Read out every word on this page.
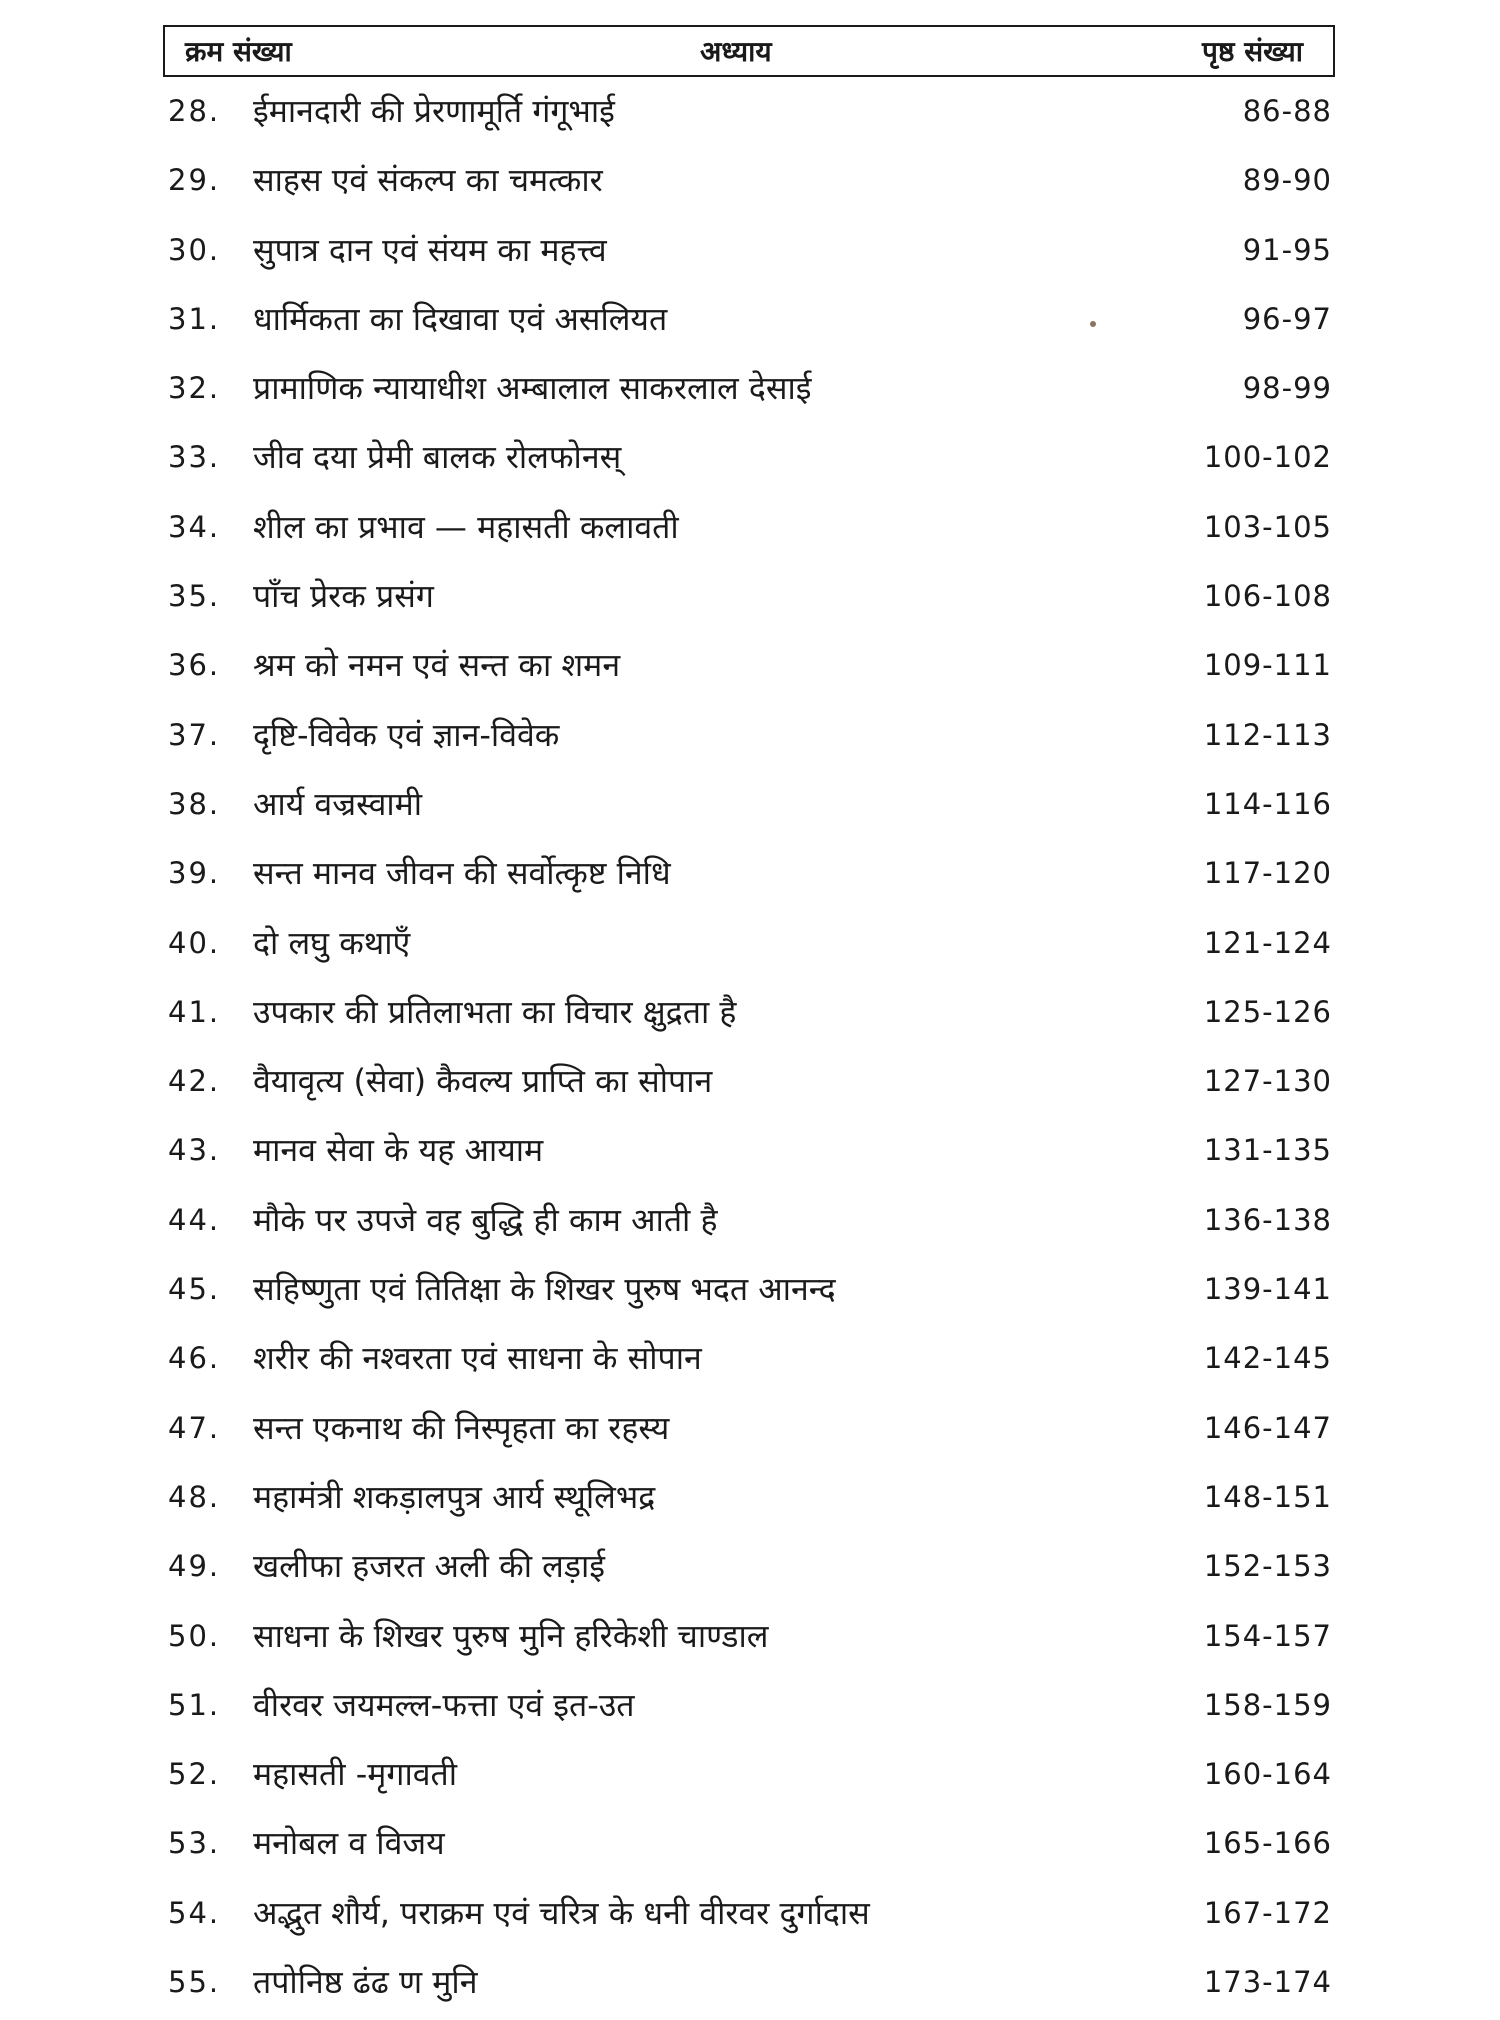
क्रम संख्या	अध्याय	पृष्ठ संख्या
28. ईमानदारी की प्रेरणामूर्ति गंगूभाई	86-88
29. साहस एवं संकल्प का चमत्कार	89-90
30. सुपात्र दान एवं संयम का महत्त्व	91-95
31. धार्मिकता का दिखावा एवं असलियत	96-97
32. प्रामाणिक न्यायाधीश अम्बालाल साकरलाल देसाई	98-99
33. जीव दया प्रेमी बालक रोलफोनस्	100-102
34. शील का प्रभाव — महासती कलावती	103-105
35. पाँच प्रेरक प्रसंग	106-108
36. श्रम को नमन एवं सन्त का शमन	109-111
37. दृष्टि-विवेक एवं ज्ञान-विवेक	112-113
38. आर्य वज्रस्वामी	114-116
39. सन्त मानव जीवन की सर्वोत्कृष्ट निधि	117-120
40. दो लघु कथाएँ	121-124
41. उपकार की प्रतिलाभता का विचार क्षुद्रता है	125-126
42. वैयावृत्य (सेवा) कैवल्य प्राप्ति का सोपान	127-130
43. मानव सेवा के यह आयाम	131-135
44. मौके पर उपजे वह बुद्धि ही काम आती है	136-138
45. सहिष्णुता एवं तितिक्षा के शिखर पुरुष भदत आनन्द	139-141
46. शरीर की नश्वरता एवं साधना के सोपान	142-145
47. सन्त एकनाथ की निस्पृहता का रहस्य	146-147
48. महामंत्री शकड़ालपुत्र आर्य स्थूलिभद्र	148-151
49. खलीफा हजरत अली की लड़ाई	152-153
50. साधना के शिखर पुरुष मुनि हरिकेशी चाण्डाल	154-157
51. वीरवर जयमल्ल-फत्ता एवं इत-उत	158-159
52. महासती -मृगावती	160-164
53. मनोबल व विजय	165-166
54. अद्भुत शौर्य, पराक्रम एवं चरित्र के धनी वीरवर दुर्गादास	167-172
55. तपोनिष्ठ ढंढ ण मुनि	173-174
